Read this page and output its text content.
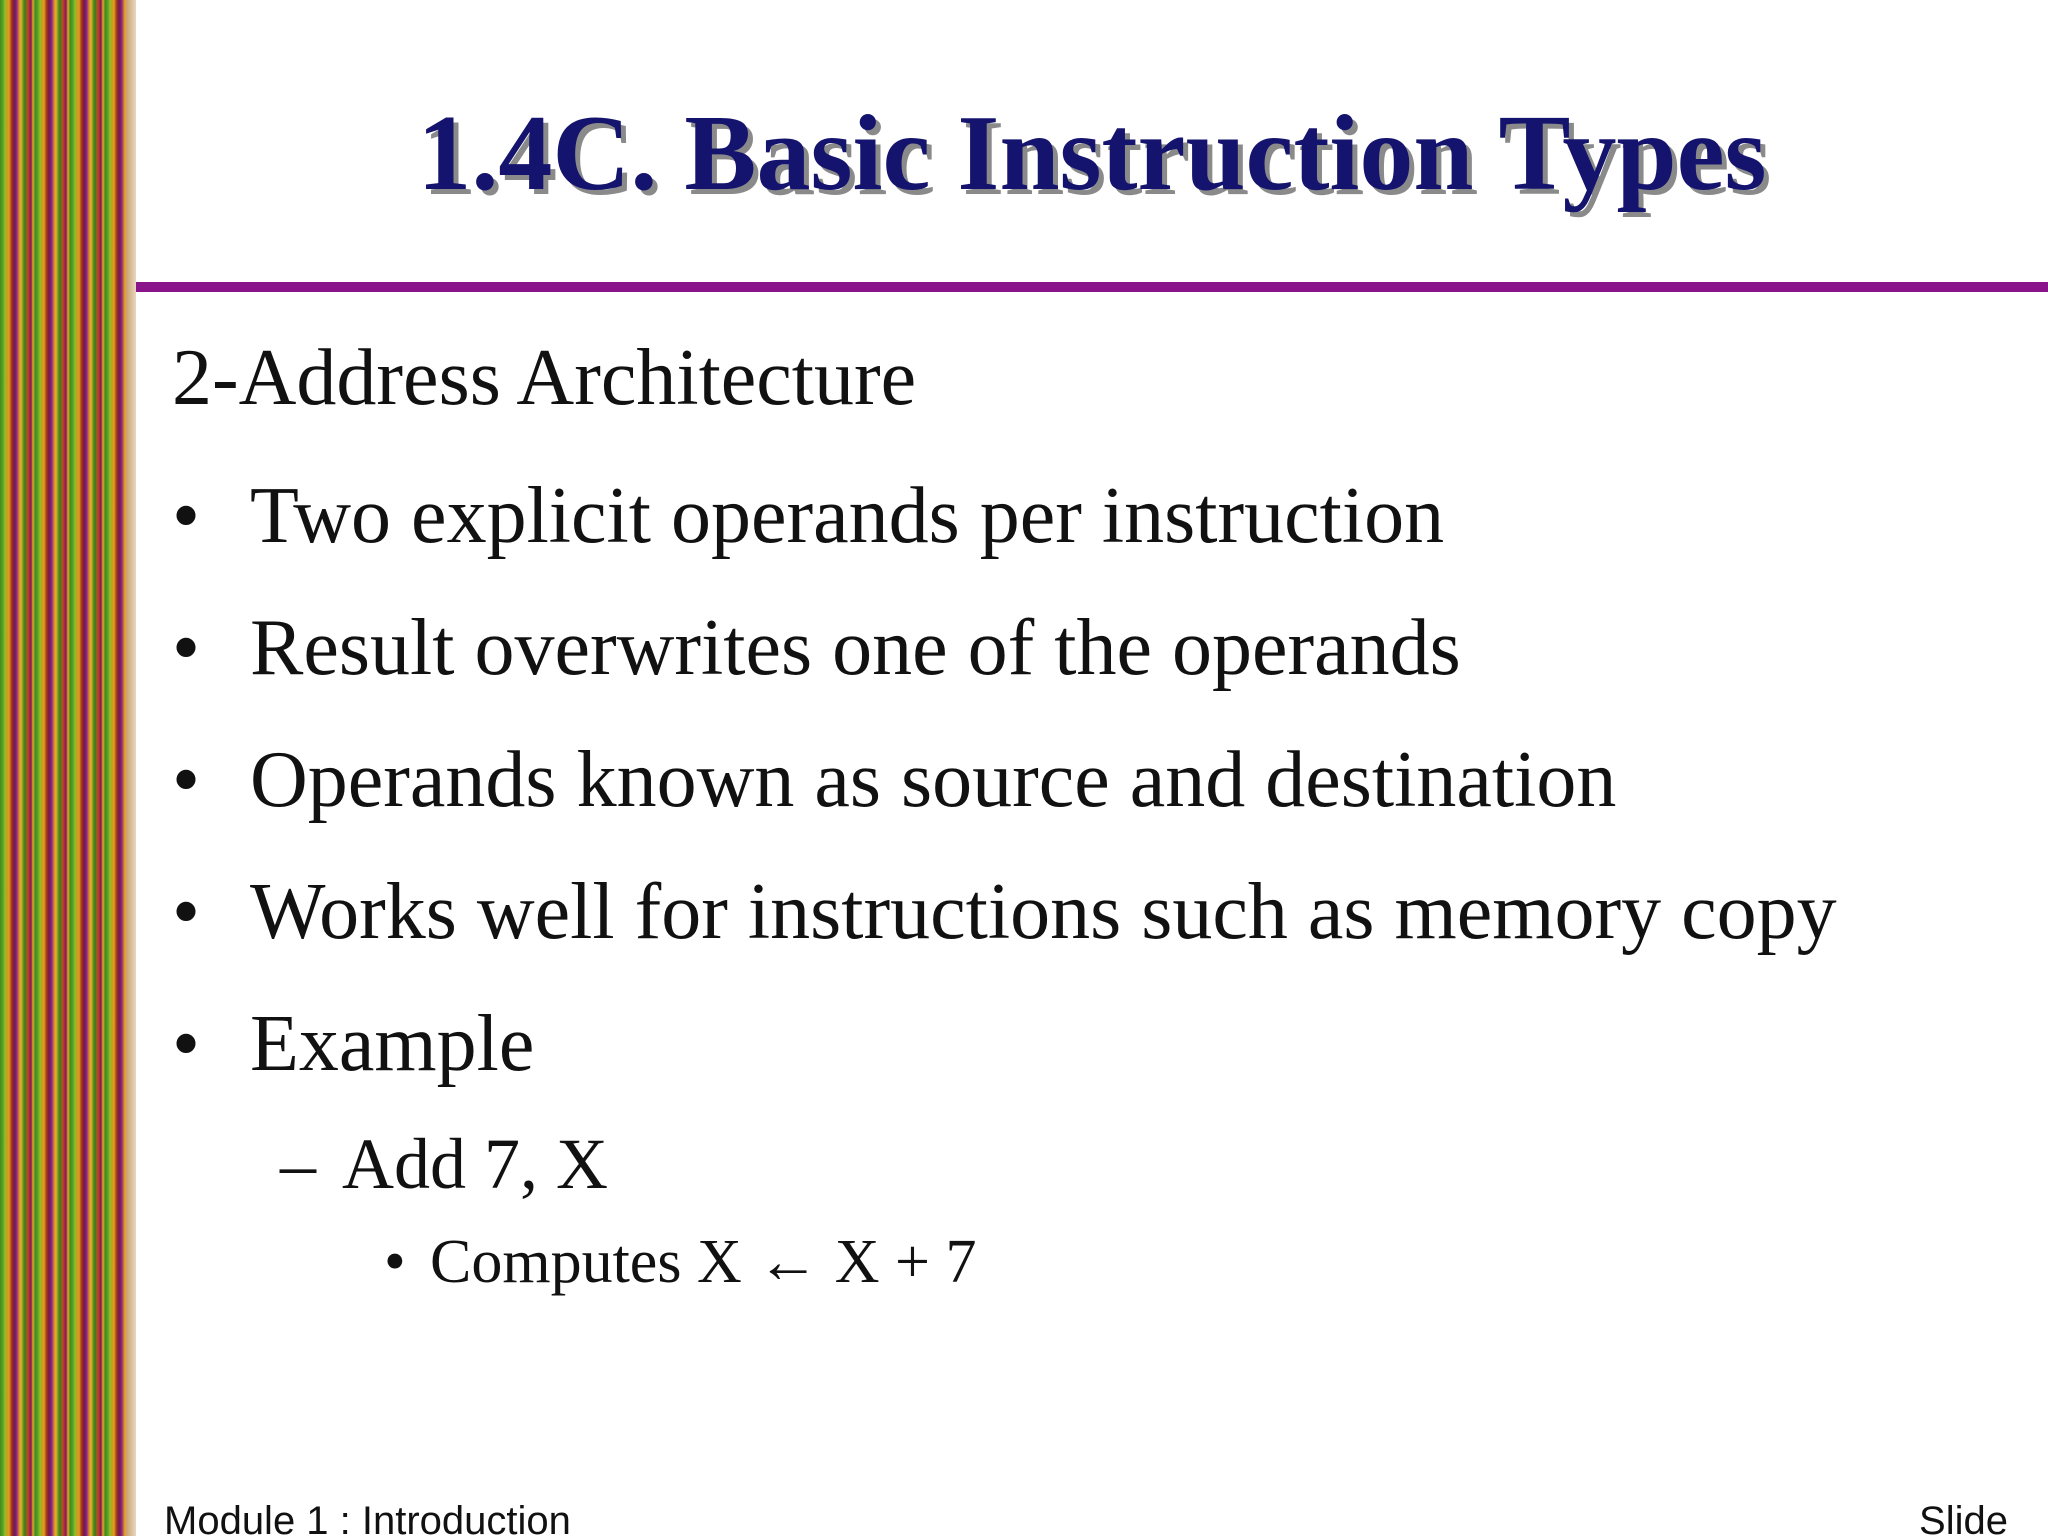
1.4C. Basic Instruction Types
2-Address Architecture
• Two explicit operands per instruction
• Result overwrites one of the operands
• Operands known as source and destination
• Works well for instructions such as memory copy
• Example
– Add 7, X
• Computes X ← X + 7
Module 1 : Introduction	Slide
